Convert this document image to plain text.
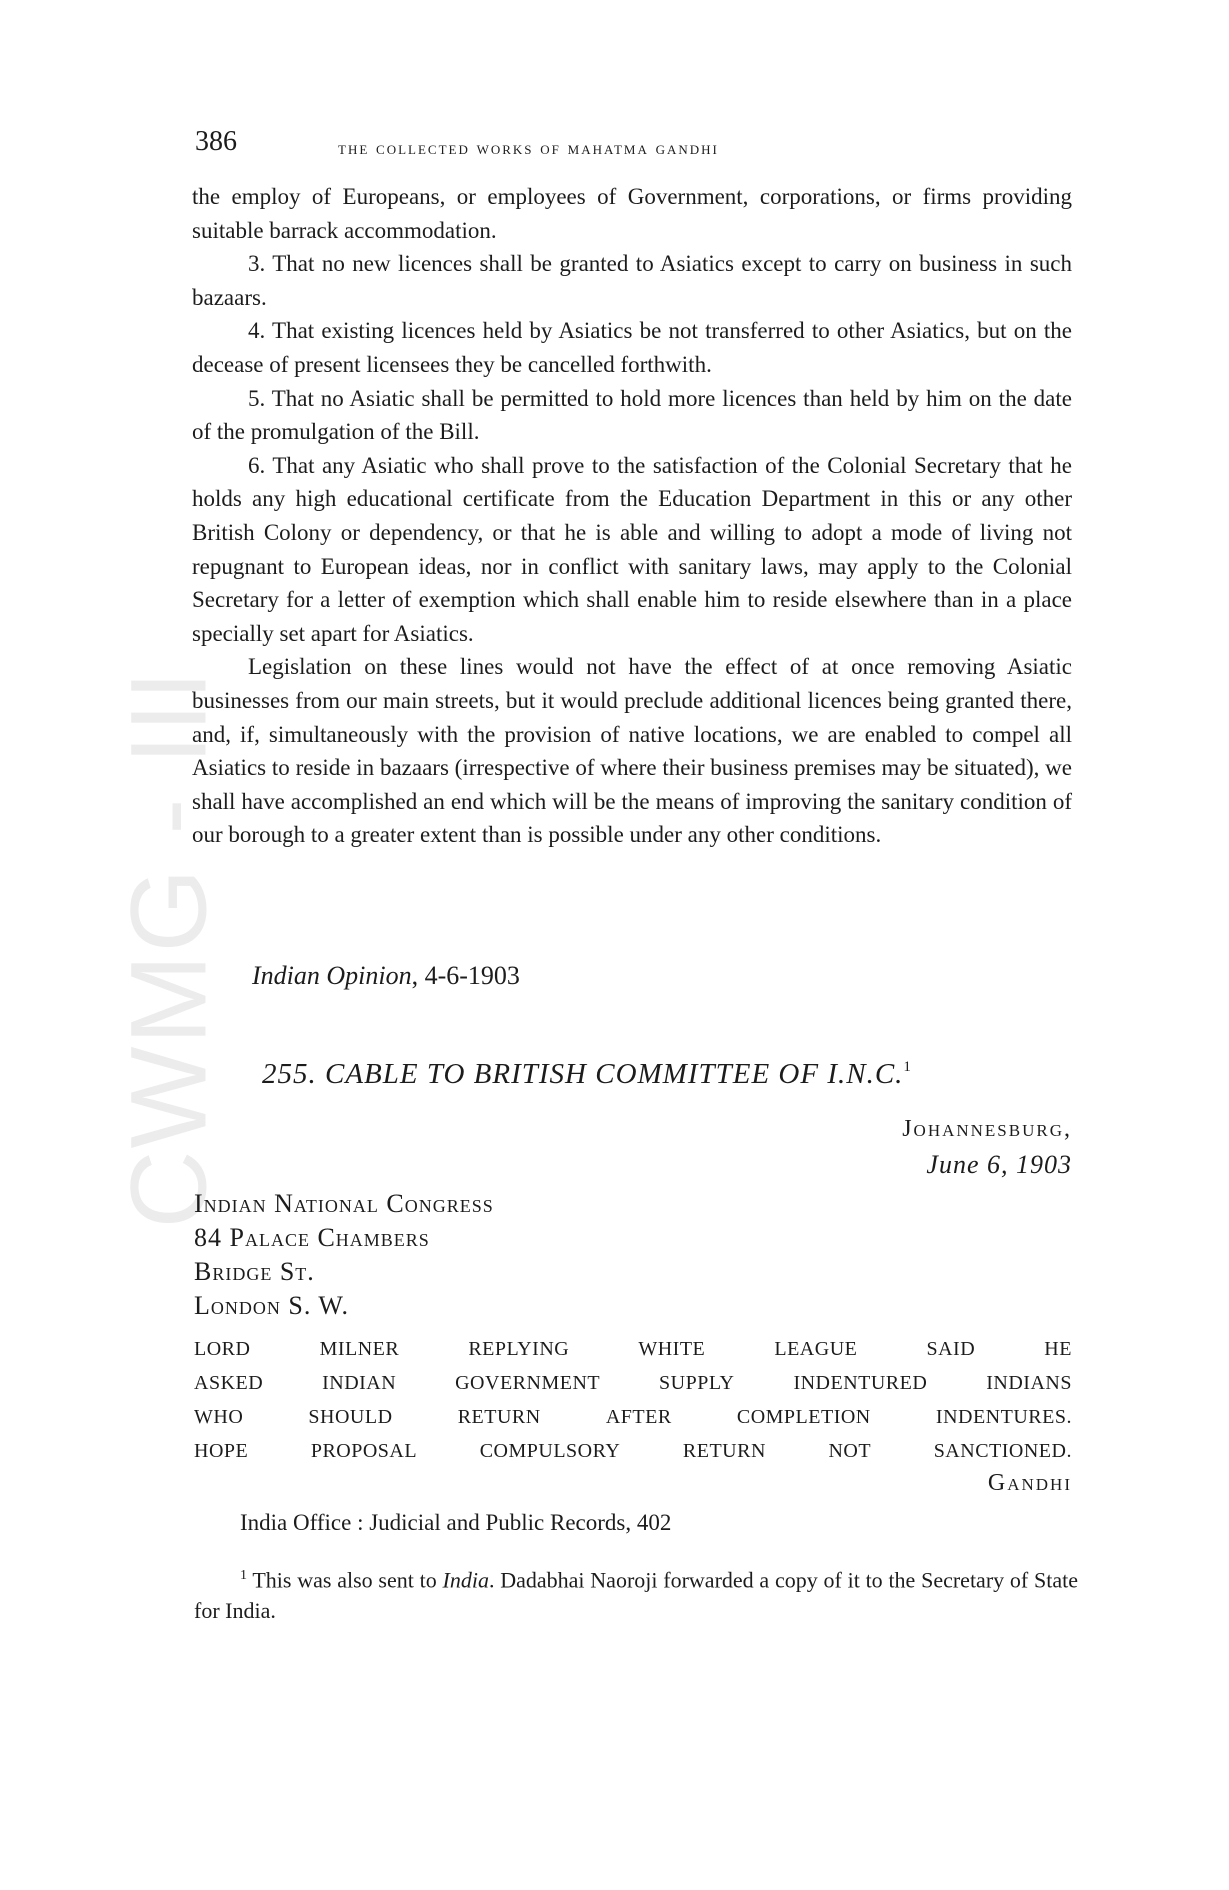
CWMG - III
386	the collected works of mahatma gandhi

the employ of Europeans, or employees of Government, corporations, or firms providing suitable barrack accommodation.

3. That no new licences shall be granted to Asiatics except to carry on business in such bazaars.

4. That existing licences held by Asiatics be not transferred to other Asiatics, but on the decease of present licensees they be cancelled forthwith.

5. That no Asiatic shall be permitted to hold more licences than held by him on the date of the promulgation of the Bill.

6. That any Asiatic who shall prove to the satisfaction of the Colonial Secretary that he holds any high educational certificate from the Education Department in this or any other British Colony or dependency, or that he is able and willing to adopt a mode of living not repugnant to European ideas, nor in conflict with sanitary laws, may apply to the Colonial Secretary for a letter of exemption which shall enable him to reside elsewhere than in a place specially set apart for Asiatics.

Legislation on these lines would not have the effect of at once removing Asiatic businesses from our main streets, but it would preclude additional licences being granted there, and, if, simultaneously with the provision of native locations, we are enabled to compel all Asiatics to reside in bazaars (irrespective of where their business premises may be situated), we shall have accomplished an end which will be the means of improving the sanitary condition of our borough to a greater extent than is possible under any other conditions.

Indian Opinion, 4-6-1903
255. CABLE TO BRITISH COMMITTEE OF I.N.C.$^1$
Johannesburg,
June 6, 1903
Indian National Congress
84 Palace Chambers
Bridge St.
London S. W.
LORD	MILNER	REPLYING	WHITE	LEAGUE	SAID	HE
ASKED	INDIAN	GOVERNMENT	SUPPLY	INDENTURED	INDIANS
WHO	SHOULD	RETURN	AFTER	COMPLETION	INDENTURES.
HOPE	PROPOSAL	COMPULSORY	RETURN	NOT	SANCTIONED.
Gandhi
India Office : Judicial and Public Records, 402

$^1$ This was also sent to India. Dadabhai Naoroji forwarded a copy of it to the Secretary of State for India.
